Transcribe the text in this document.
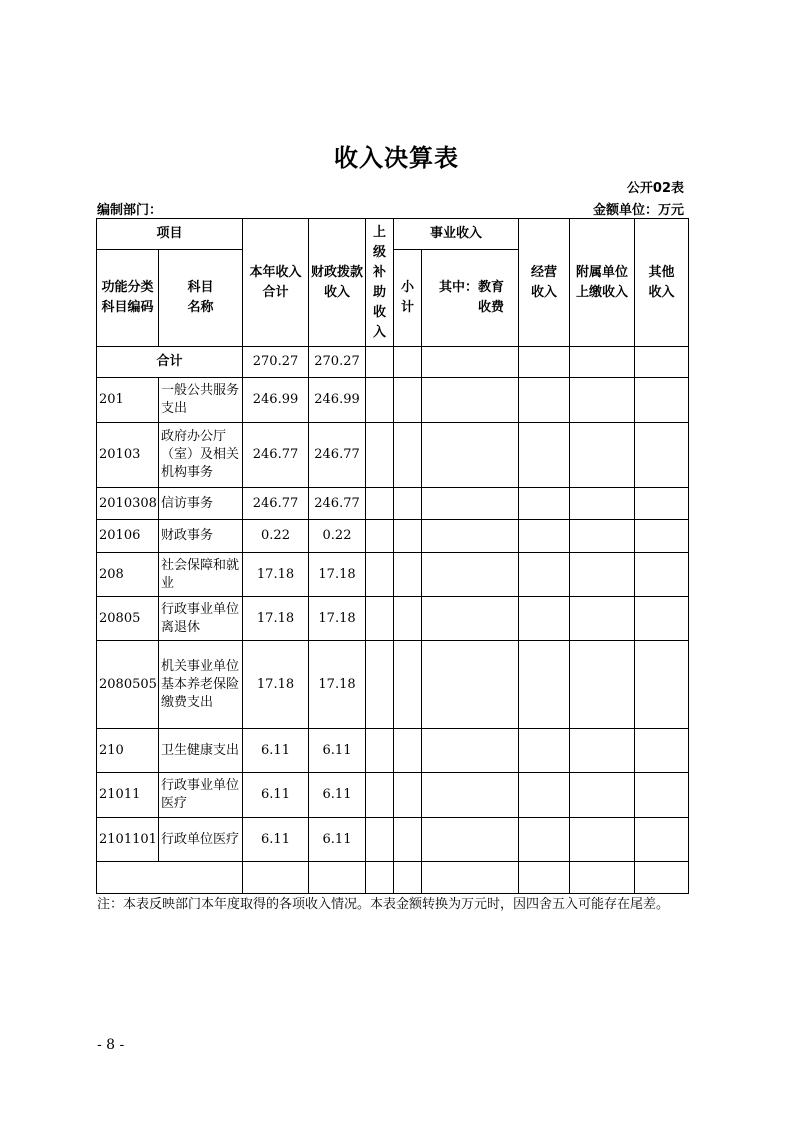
收入决算表
公开02表
编制部门：	金额单位：万元
项目		本年收入合计	财政拨款收入	上级补助收入	事业收入		经营收入	附属单位上缴收入	其他收入

功能分类科目编码	科目名称				小计	其中：教育收费			

合计		270.27	270.27						
201	一般公共服务支出	246.99	246.99						
20103	政府办公厅（室）及相关机构事务	246.77	246.77						
2010308	信访事务	246.77	246.77						
20106	财政事务	0.22	0.22						
208	社会保障和就业	17.18	17.18						
20805	行政事业单位离退休	17.18	17.18						
2080505	机关事业单位基本养老保险缴费支出	17.18	17.18						
210	卫生健康支出	6.11	6.11						
21011	行政事业单位医疗	6.11	6.11						
2101101	行政单位医疗	6.11	6.11						

注：本表反映部门本年度取得的各项收入情况。本表金额转换为万元时，因四舍五入可能存在尾差。
- 8 -
